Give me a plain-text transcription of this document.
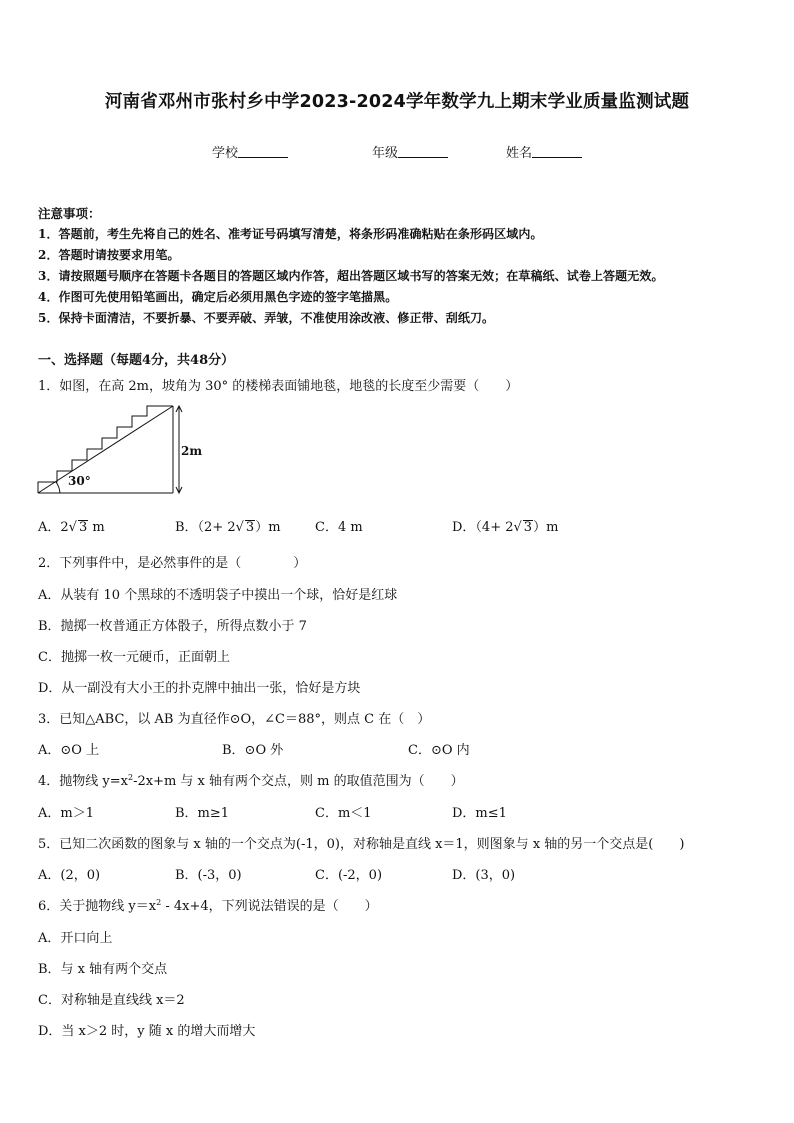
河南省邓州市张村乡中学2023-2024学年数学九上期末学业质量监测试题
学校	年级	姓名
注意事项：
1．答题前，考生先将自己的姓名、准考证号码填写清楚，将条形码准确粘贴在条形码区域内。
2．答题时请按要求用笔。
3．请按照题号顺序在答题卡各题目的答题区域内作答，超出答题区域书写的答案无效；在草稿纸、试卷上答题无效。
4．作图可先使用铅笔画出，确定后必须用黑色字迹的签字笔描黑。
5．保持卡面清洁，不要折暴、不要弄破、弄皱，不准使用涂改液、修正带、刮纸刀。
一、选择题（每题4分，共48分）
1．如图，在高 2m，坡角为 30° 的楼梯表面铺地毯，地毯的长度至少需要（　　）
30°
2m
A．2√ 3 m	B．（2+ 2√ 3）m	C．4 m	D．（4+ 2√ 3）m
2．下列事件中，是必然事件的是（　　　　）
A．从装有 10 个黑球的不透明袋子中摸出一个球，恰好是红球
B．抛掷一枚普通正方体骰子，所得点数小于 7
C．抛掷一枚一元硬币，正面朝上
D．从一副没有大小王的扑克牌中抽出一张，恰好是方块
3．已知△ABC，以 AB 为直径作⊙O，∠C＝88°，则点 C 在（　）
A．⊙O 上	B．⊙O 外	C．⊙O 内
4．抛物线 $y=x^2-2x+m$ 与 x 轴有两个交点，则 m 的取值范围为（　　）
A．m＞1	B．m≥1	C．m＜1	D．m≤1
5．已知二次函数的图象与 x 轴的一个交点为(-1，0)，对称轴是直线 x＝1，则图象与 x 轴的另一个交点是(　　)
A．(2，0)	B．(-3，0)	C．(-2，0)	D．(3，0)
6．关于抛物线 $y=x^2 - 4x+4$，下列说法错误的是（　　）
A．开口向上
B．与 x 轴有两个交点
C．对称轴是直线线 x＝2
D．当 x＞2 时，y 随 x 的增大而增大
